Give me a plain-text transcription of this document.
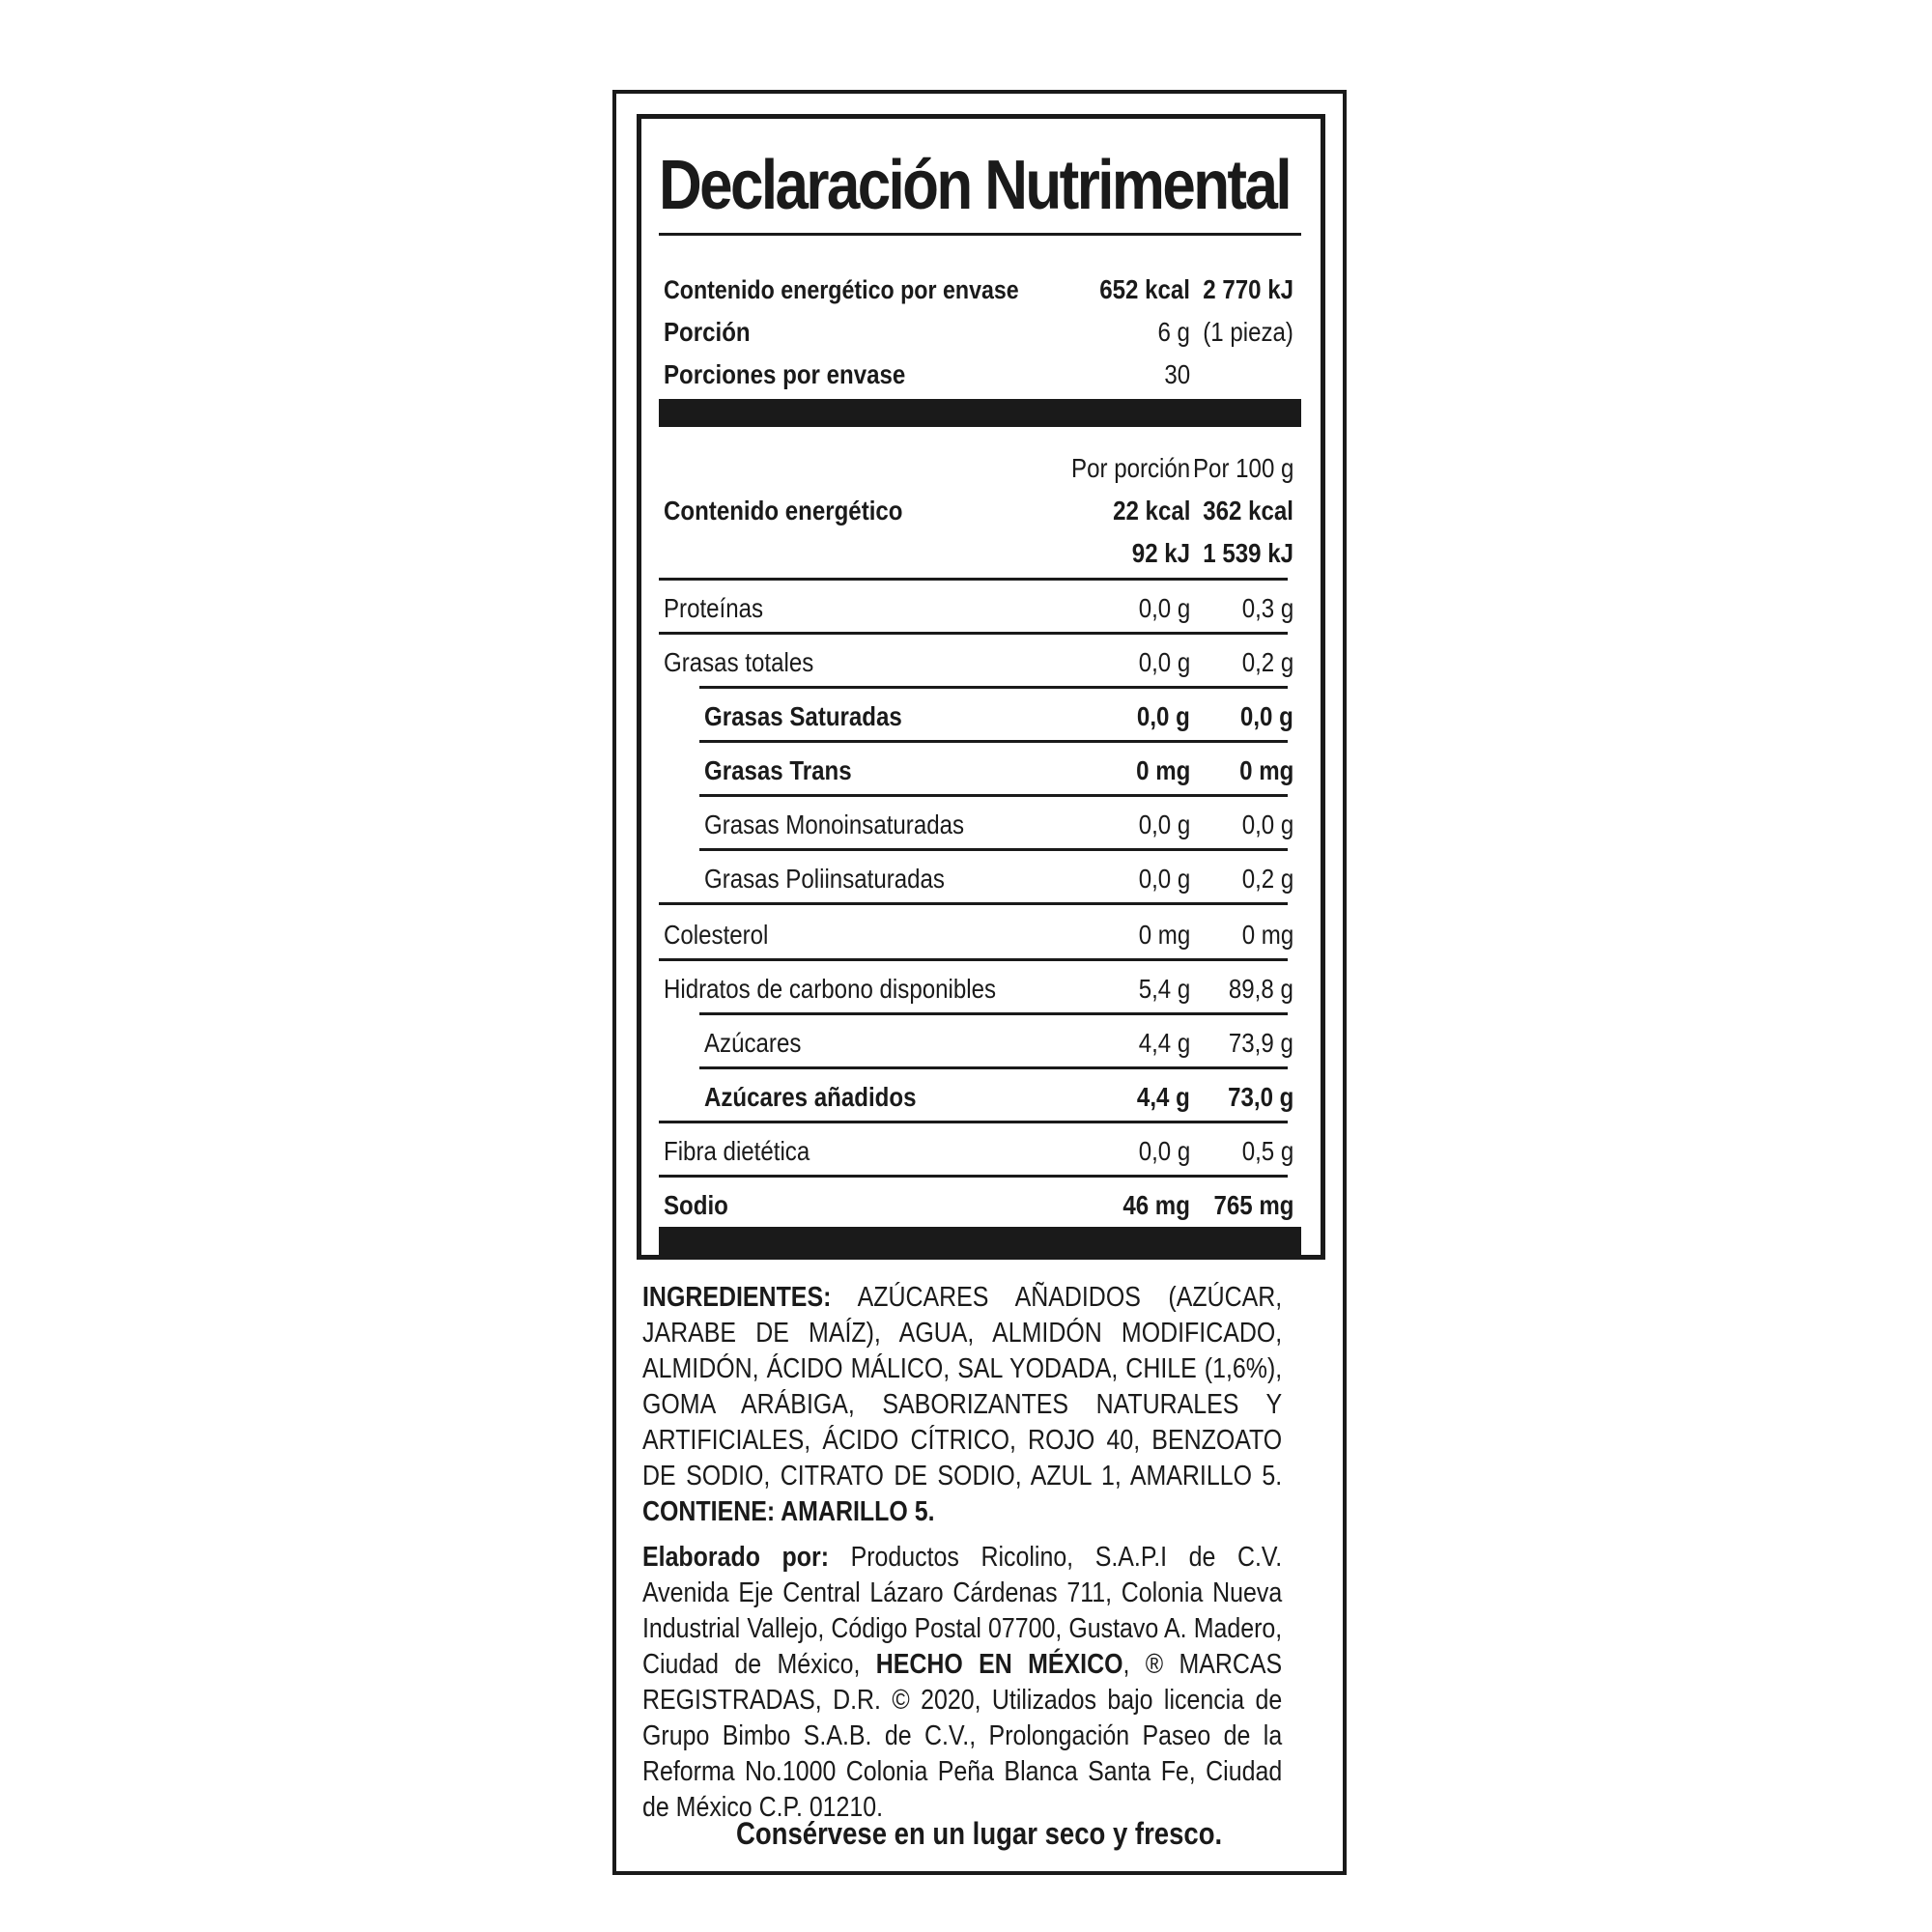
Declaración Nutrimental
Contenido energético por envase	652 kcal 2 770 kJ
Porción	6 g (1 pieza)
Porciones por envase	30
Por porción Por 100 g
Contenido energético	22 kcal 362 kcal
92 kJ 1 539 kJ
Proteínas	0,0 g 0,3 g
Grasas totales	0,0 g 0,2 g
Grasas Saturadas	0,0 g 0,0 g
Grasas Trans	0 mg 0 mg
Grasas Monoinsaturadas	0,0 g 0,0 g
Grasas Poliinsaturadas	0,0 g 0,2 g
Colesterol	0 mg 0 mg
Hidratos de carbono disponibles	5,4 g 89,8 g
Azúcares	4,4 g 73,9 g
Azúcares añadidos	4,4 g 73,0 g
Fibra dietética	0,0 g 0,5 g
Sodio	46 mg 765 mg
INGREDIENTES: AZÚCARES AÑADIDOS (AZÚCAR, JARABE DE MAÍZ), AGUA, ALMIDÓN MODIFICADO, ALMIDÓN, ÁCIDO MÁLICO, SAL YODADA, CHILE (1,6%), GOMA ARÁBIGA, SABORIZANTES NATURALES Y ARTIFICIALES, ÁCIDO CÍTRICO, ROJO 40, BENZOATO DE SODIO, CITRATO DE SODIO, AZUL 1, AMARILLO 5. CONTIENE: AMARILLO 5.
Elaborado por: Productos Ricolino, S.A.P.I de C.V. Avenida Eje Central Lázaro Cárdenas 711, Colonia Nueva Industrial Vallejo, Código Postal 07700, Gustavo A. Madero, Ciudad de México, HECHO EN MÉXICO, ® MARCAS REGISTRADAS, D.R. © 2020, Utilizados bajo licencia de Grupo Bimbo S.A.B. de C.V., Prolongación Paseo de la Reforma No.1000 Colonia Peña Blanca Santa Fe, Ciudad de México C.P. 01210.
Consérvese en un lugar seco y fresco.
